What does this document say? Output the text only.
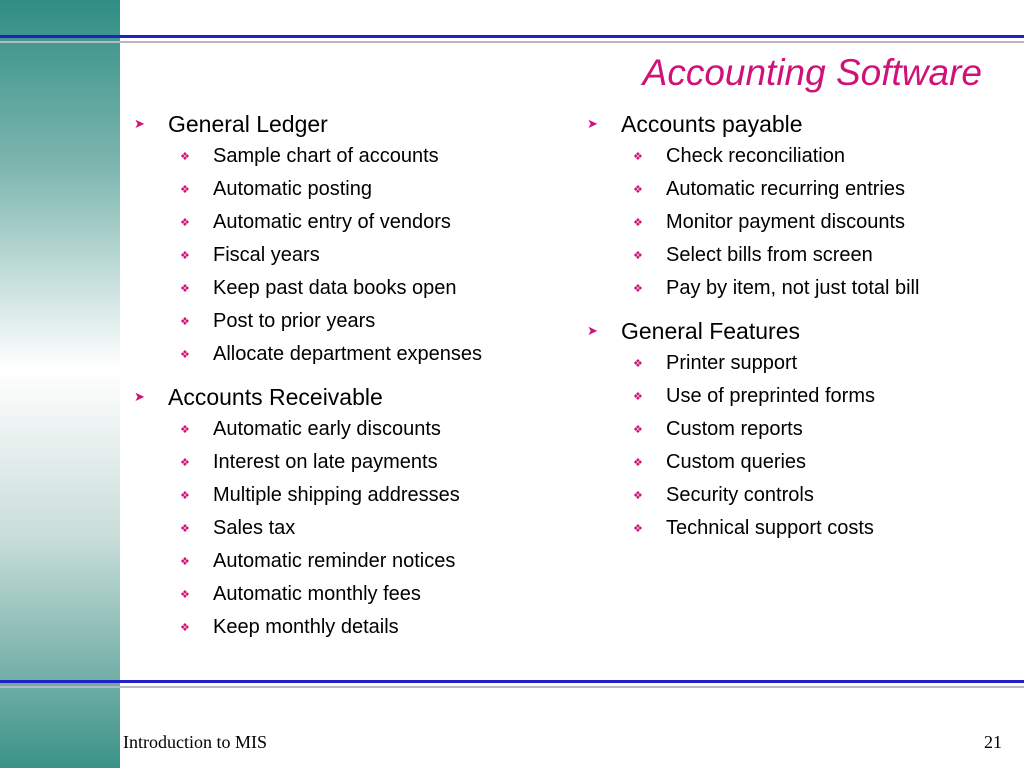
Accounting Software
➤	General Ledger
❖	Sample chart of accounts
❖	Automatic posting
❖	Automatic entry of vendors
❖	Fiscal years
❖	Keep past data books open
❖	Post to prior years
❖	Allocate department expenses
➤	Accounts Receivable
❖	Automatic early discounts
❖	Interest on late payments
❖	Multiple shipping addresses
❖	Sales tax
❖	Automatic reminder notices
❖	Automatic monthly fees
❖	Keep monthly details
➤	Accounts payable
❖	Check reconciliation
❖	Automatic recurring entries
❖	Monitor payment discounts
❖	Select bills from screen
❖	Pay by item, not just total bill
➤	General Features
❖	Printer support
❖	Use of preprinted forms
❖	Custom reports
❖	Custom queries
❖	Security controls
❖	Technical support costs
Introduction to MIS	21
